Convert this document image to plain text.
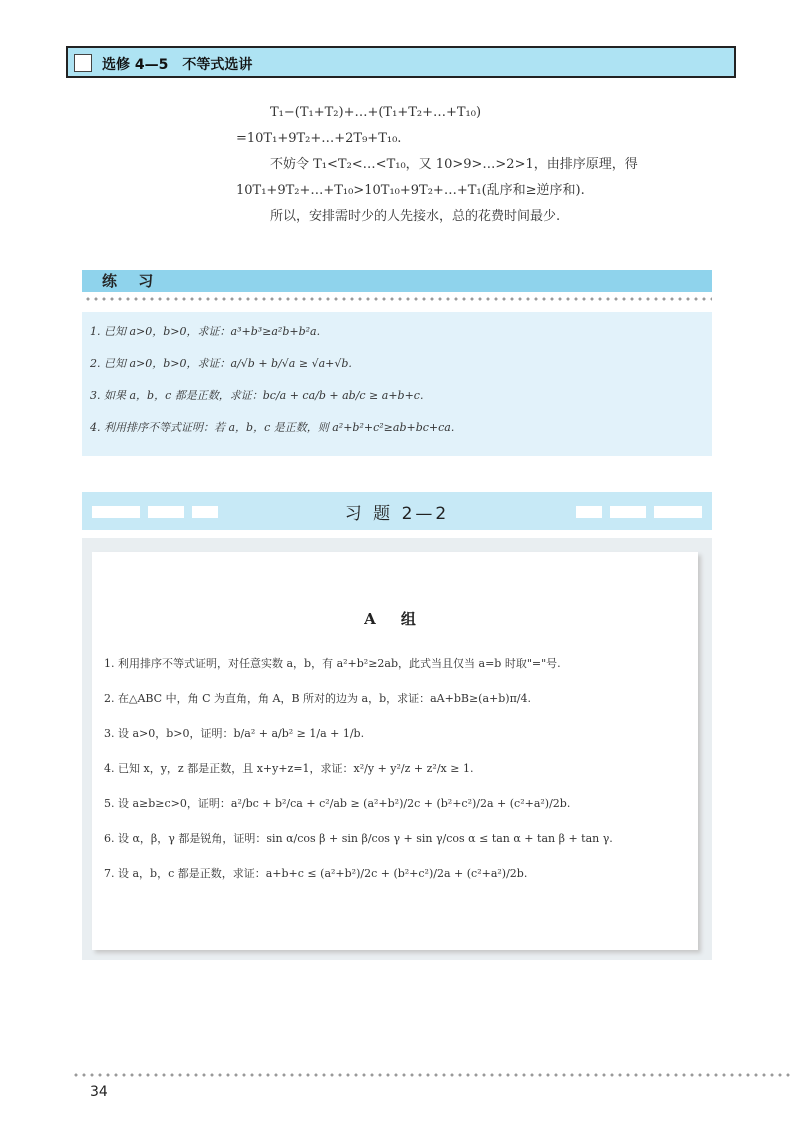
选修 4—5　不等式选讲
T₁−(T₁+T₂)+…+(T₁+T₂+…+T₁₀)
=10T₁+9T₂+…+2T₉+T₁₀.
不妨令 T₁<T₂<…<T₁₀，又 10>9>…>2>1，由排序原理，得
10T₁+9T₂+…+T₁₀>10T₁₀+9T₂+…+T₁(乱序和≥逆序和).
所以，安排需时少的人先接水，总的花费时间最少.
练 习
1. 已知 a>0，b>0，求证：a³+b³≥a²b+b²a.
2. 已知 a>0，b>0，求证：a/√b + b/√a ≥ √a+√b.
3. 如果 a，b，c 都是正数，求证：bc/a + ca/b + ab/c ≥ a+b+c.
4. 利用排序不等式证明：若 a，b，c 是正数，则 a²+b²+c²≥ab+bc+ca.
习 题 2—2
A 组
1. 利用排序不等式证明，对任意实数 a，b，有 a²+b²≥2ab，此式当且仅当 a=b 时取"="号.
2. 在△ABC 中，角 C 为直角，角 A，B 所对的边为 a，b，求证：aA+bB≥(a+b)π/4.
3. 设 a>0，b>0，证明：b/a² + a/b² ≥ 1/a + 1/b.
4. 已知 x，y，z 都是正数，且 x+y+z=1，求证：x²/y + y²/z + z²/x ≥ 1.
5. 设 a≥b≥c>0，证明：a²/bc + b²/ca + c²/ab ≥ (a²+b²)/2c + (b²+c²)/2a + (c²+a²)/2b.
6. 设 α，β，γ 都是锐角，证明：sin α/cos β + sin β/cos γ + sin γ/cos α ≤ tan α + tan β + tan γ.
7. 设 a，b，c 都是正数，求证：a+b+c ≤ (a²+b²)/2c + (b²+c²)/2a + (c²+a²)/2b.
34
